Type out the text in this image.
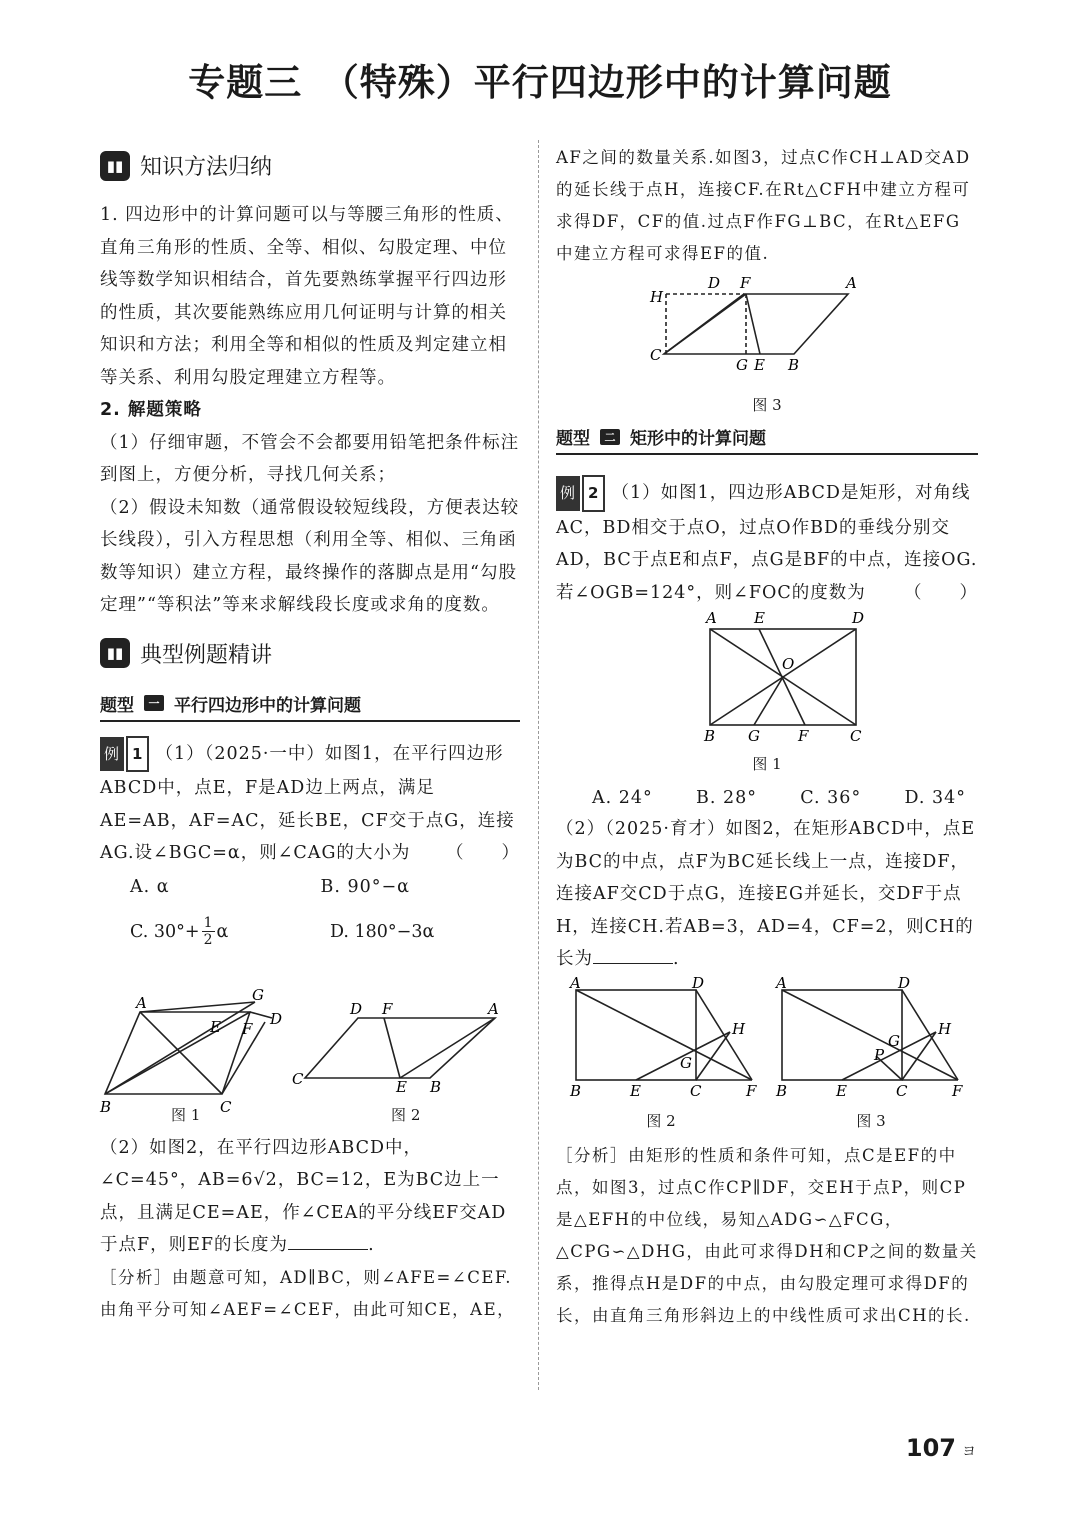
专题三　（特殊）平行四边形中的计算问题
▮▮ 知识方法归纳

1. 四边形中的计算问题可以与等腰三角形的性质、直角三角形的性质、全等、相似、勾股定理、中位线等数学知识相结合，首先要熟练掌握平行四边形的性质，其次要能熟练应用几何证明与计算的相关知识和方法；利用全等和相似的性质及判定建立相等关系、利用勾股定理建立方程等。

2. 解题策略

（1）仔细审题，不管会不会都要用铅笔把条件标注到图上，方便分析，寻找几何关系；

（2）假设未知数（通常假设较短线段，方便表达较长线段），引入方程思想（利用全等、相似、三角函数等知识）建立方程，最终操作的落脚点是用“勾股定理”“等积法”等来求解线段长度或求角的度数。

▮▮ 典型例题精讲
题型	一 平行四边形中的计算问题

例 1 （1）（2025·一中）如图1，在平行四边形ABCD中，点E，F是AD边上两点，满足AE=AB，AF=AC，延长BE，CF交于点G，连接AG.设∠BGC=α，则∠CAG的大小为 （　　）

A. α	B. 90°−α
C. $30^\circ+ \frac{1}{2}$ α	D. 180°−3α
A
B	C
D
E F
G
D F	A
C	E B
图 1	图 2

（2）如图2，在平行四边形ABCD中，∠C=45°，AB=6√2，BC=12，E为BC边上一点，且满足CE=AE，作∠CEA的平分线EF交AD于点F，则EF的长度为	.

［分析］由题意可知，AD∥BC，则∠AFE=∠CEF.由角平分可知∠AEF=∠CEF，由此可知CE，AE，

AF之间的数量关系.如图3，过点C作CH⊥AD交AD的延长线于点H，连接CF.在Rt△CFH中建立方程可求得DF，CF的值.过点F作FG⊥BC，在Rt△EFG中建立方程可求得EF的值.

H
D F	A
C
G E B
图 3
题型	二 矩形中的计算问题

例 2 （1）如图1，四边形ABCD是矩形，对角线AC，BD相交于点O，过点O作BD的垂线分别交AD，BC于点E和点F，点G是BF的中点，连接OG.若∠OGB=124°，则∠FOC的度数为 （　　）

A E	D
O
B G	F	C
图 1
A. 24° B. 28° C. 36° D. 34°

（2）（2025·育才）如图2，在矩形ABCD中，点E为BC的中点，点F为BC延长线上一点，连接DF，连接AF交CD于点G，连接EG并延长，交DF于点H，连接CH.若AB=3，AD=4，CF=2，则CH的长为	.

A	D
H
G
B	E	C	F
A	D
H
G
P
B	E	C	F
图 2	图 3

［分析］由矩形的性质和条件可知，点C是EF的中点，如图3，过点C作CP∥DF，交EH于点P，则CP是△EFH的中位线，易知△ADG∽△FCG，△CPG∽△DHG，由此可求得DH和CP之间的数量关系，推得点H是DF的中点，由勾股定理可求得DF的长，由直角三角形斜边上的中线性质可求出CH的长.

107 ヨ
